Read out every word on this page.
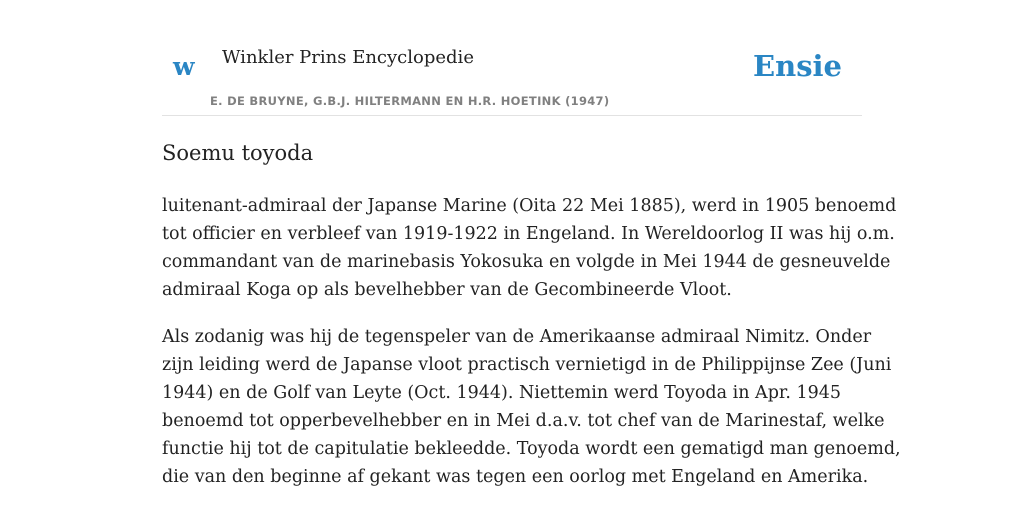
w Winkler Prins Encyclopedie
E. DE BRUYNE, G.B.J. HILTERMANN EN H.R. HOETINK (1947)
Ensie
Soemu toyoda

luitenant-admiraal der Japanse Marine (Oita 22 Mei 1885), werd in 1905 benoemd
tot officier en verbleef van 1919-1922 in Engeland. In Wereldoorlog II was hij o.m.
commandant van de marinebasis Yokosuka en volgde in Mei 1944 de gesneuvelde
admiraal Koga op als bevelhebber van de Gecombineerde Vloot.

Als zodanig was hij de tegenspeler van de Amerikaanse admiraal Nimitz. Onder
zijn leiding werd de Japanse vloot practisch vernietigd in de Philippijnse Zee (Juni
1944) en de Golf van Leyte (Oct. 1944). Niettemin werd Toyoda in Apr. 1945
benoemd tot opperbevelhebber en in Mei d.a.v. tot chef van de Marinestaf, welke
functie hij tot de capitulatie bekleedde. Toyoda wordt een gematigd man genoemd,
die van den beginne af gekant was tegen een oorlog met Engeland en Amerika.
